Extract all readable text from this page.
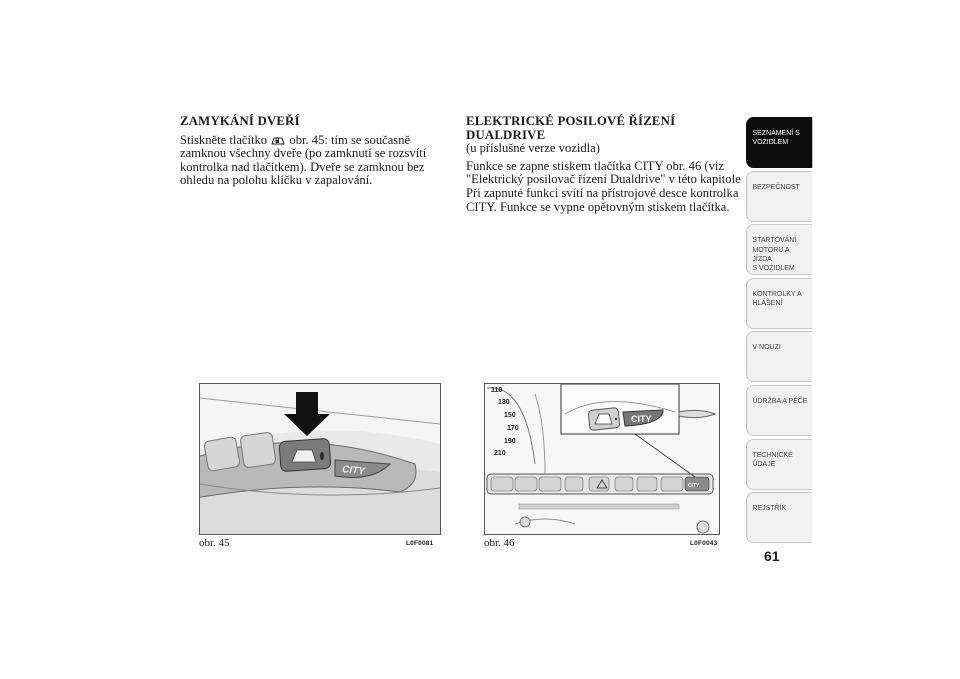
ZAMYKÁNÍ DVEŘÍ

Stiskněte tlačítko obr. 45: tím se současně zamknou všechny dveře (po zamknutí se rozsvítí kontrolka nad tlačítkem). Dveře se zamknou bez ohledu na polohu klíčku v zapalování.

ELEKTRICKÉ POSILOVÉ ŘÍZENÍ
DUALDRIVE
(u příslušné verze vozidla)

Funkce se zapne stiskem tlačítka CITY obr. 46 (viz "Elektrický posilovač řízení Dualdrive" v této kapitole Při zapnuté funkci svítí na přístrojové desce kontrolka CITY. Funkce se vypne opětovným stiskem tlačítka.

CITY
obr. 45	L0F0081
110
130
150
170
190
210
CITY
CITY
obr. 46	L0F0043
SEZNÁMENÍ S
VOZIDLEM
BEZPEČNOST
STARTOVÁNÍ
MOTORU A JÍZDA
S VOZIDLEM
KONTROLKY A
HLÁŠENÍ
V NOUZI
ÚDRŽBA A PÉČE
TECHNICKÉ
ÚDAJE
REJSTŘÍK
61
